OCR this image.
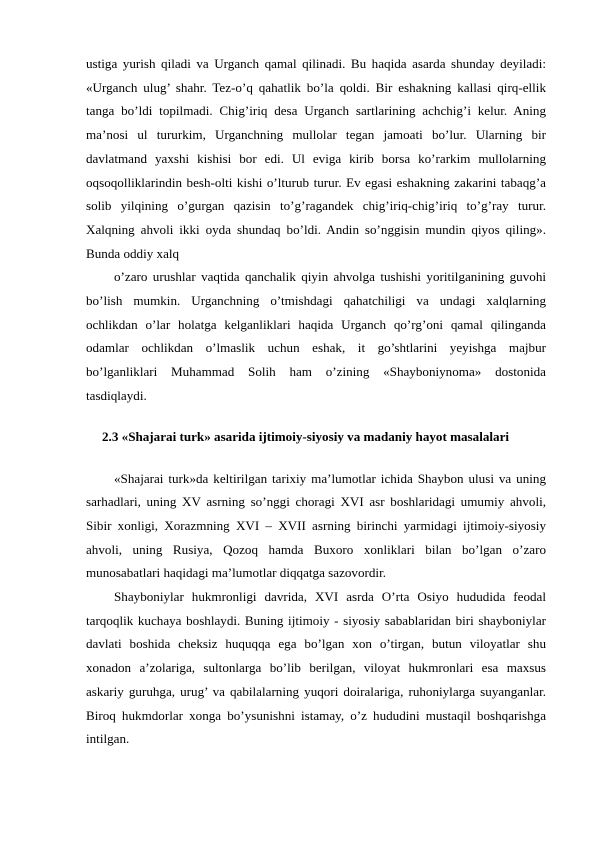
ustiga yurish qiladi va Urganch qamal qilinadi. Bu haqida asarda shunday deyiladi: «Urganch ulug’ shahr. Tez-o’q qahatlik bo’la qoldi. Bir eshakning kallasi qirq-ellik tanga bo’ldi topilmadi. Chig’iriq desa Urganch sartlarining achchig’i kelur. Aning ma’nosi ul tururkim, Urganchning mullolar tegan jamoati bo’lur. Ularning bir davlatmand yaxshi kishisi bor edi. Ul eviga kirib borsa ko’rarkim mullolarning oqsoqolliklarindin besh-olti kishi o’lturub turur. Ev egasi eshakning zakarini tabaqg’a solib yilqining o’gurgan qazisin to’g’ragandek chig’iriq-chig’iriq to’g’ray turur. Xalqning ahvoli ikki oyda shundaq bo’ldi. Andin so’nggisin mundin qiyos qiling». Bunda oddiy xalq

o’zaro urushlar vaqtida qanchalik qiyin ahvolga tushishi yoritilganining guvohi bo’lish mumkin. Urganchning o’tmishdagi qahatchiligi va undagi xalqlarning ochlikdan o’lar holatga kelganliklari haqida Urganch qo’rg’oni qamal qilinganda odamlar ochlikdan o’lmaslik uchun eshak, it go’shtlarini yeyishga majbur bo’lganliklari Muhammad Solih ham o’zining «Shayboniynoma» dostonida tasdiqlaydi.

2.3 «Shajarai turk» asarida ijtimoiy-siyosiy va madaniy hayot masalalari

«Shajarai turk»da keltirilgan tarixiy ma’lumotlar ichida Shaybon ulusi va uning sarhadlari, uning XV asrning so’nggi choragi XVI asr boshlaridagi umumiy ahvoli, Sibir xonligi, Xorazmning XVI – XVII asrning birinchi yarmidagi ijtimoiy-siyosiy ahvoli, uning Rusiya, Qozoq hamda Buxoro xonliklari bilan bo’lgan o’zaro munosabatlari haqidagi ma’lumotlar diqqatga sazovordir.

Shayboniylar hukmronligi davrida, XVI asrda O’rta Osiyo hududida feodal tarqoqlik kuchaya boshlaydi. Buning ijtimoiy - siyosiy sabablaridan biri shayboniylar davlati boshida cheksiz huquqqa ega bo’lgan xon o’tirgan, butun viloyatlar shu xonadon a’zolariga, sultonlarga bo’lib berilgan, viloyat hukmronlari esa maxsus askariy guruhga, urug’ va qabilalarning yuqori doiralariga, ruhoniylarga suyanganlar. Biroq hukmdorlar xonga bo’ysunishni istamay, o’z hududini mustaqil boshqarishga intilgan.
